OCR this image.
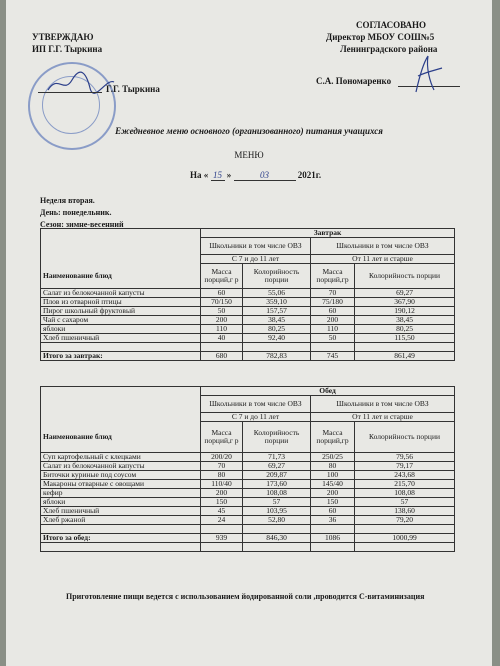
УТВЕРЖДАЮ
ИП Г.Г. Тыркина
Г.Г. Тыркина
СОГЛАСОВАНО
Директор МБОУ СОШ№5
Ленинградского района
С.А. Пономаренко
Ежедневное меню основного (организованного) питания учащихся
МЕНЮ
На « 15 »	03	2021г.
Неделя вторая.
День: понедельник.
Сезон: зимне-весенний
	Завтрак			
	Школьники в том числе ОВЗ		Школьники в том числе ОВЗ	
	С 7 и до 11 лет		От 11 лет и старше	
Наименование блюд	Масса порций,г р	Колорийность порции	Масса порций,гр	Колорийность порции
Салат из белокочанной капусты	60	55,06	70	69,27
Плов из отварной птицы	70/150	359,10	75/180	367,90
Пирог школьный фруктовый	50	157,57	60	190,12
Чай с сахаром	200	38,45	200	38,45
яблоки	110	80,25	110	80,25
Хлеб пшеничный	40	92,40	50	115,50

Итого за завтрак:	680	782,83	745	861,49
	Обед			
	Школьники в том числе ОВЗ		Школьники в том числе ОВЗ	
	С 7 и до 11 лет		От 11 лет и старше	
Наименование блюд	Масса порций,г р	Колорийность порции	Масса порций,гр	Колорийность порции
Суп картофельный с клецками	200/20	71,73	250/25	79,56
Салат из белокочанной капусты	70	69,27	80	79,17
Биточки куриные под соусом	80	209,87	100	243,68
Макароны отварные с овощами	110/40	173,60	145/40	215,70
кефир	200	108,08	200	108,08
яблоки	150	57	150	57
Хлеб пшеничный	45	103,95	60	138,60
Хлеб ржаной	24	52,80	36	79,20

Итого за обед:	939	846,30	1086	1000,99

Приготовление пищи ведется с использованием йодированной соли ,проводится С-витаминизация
